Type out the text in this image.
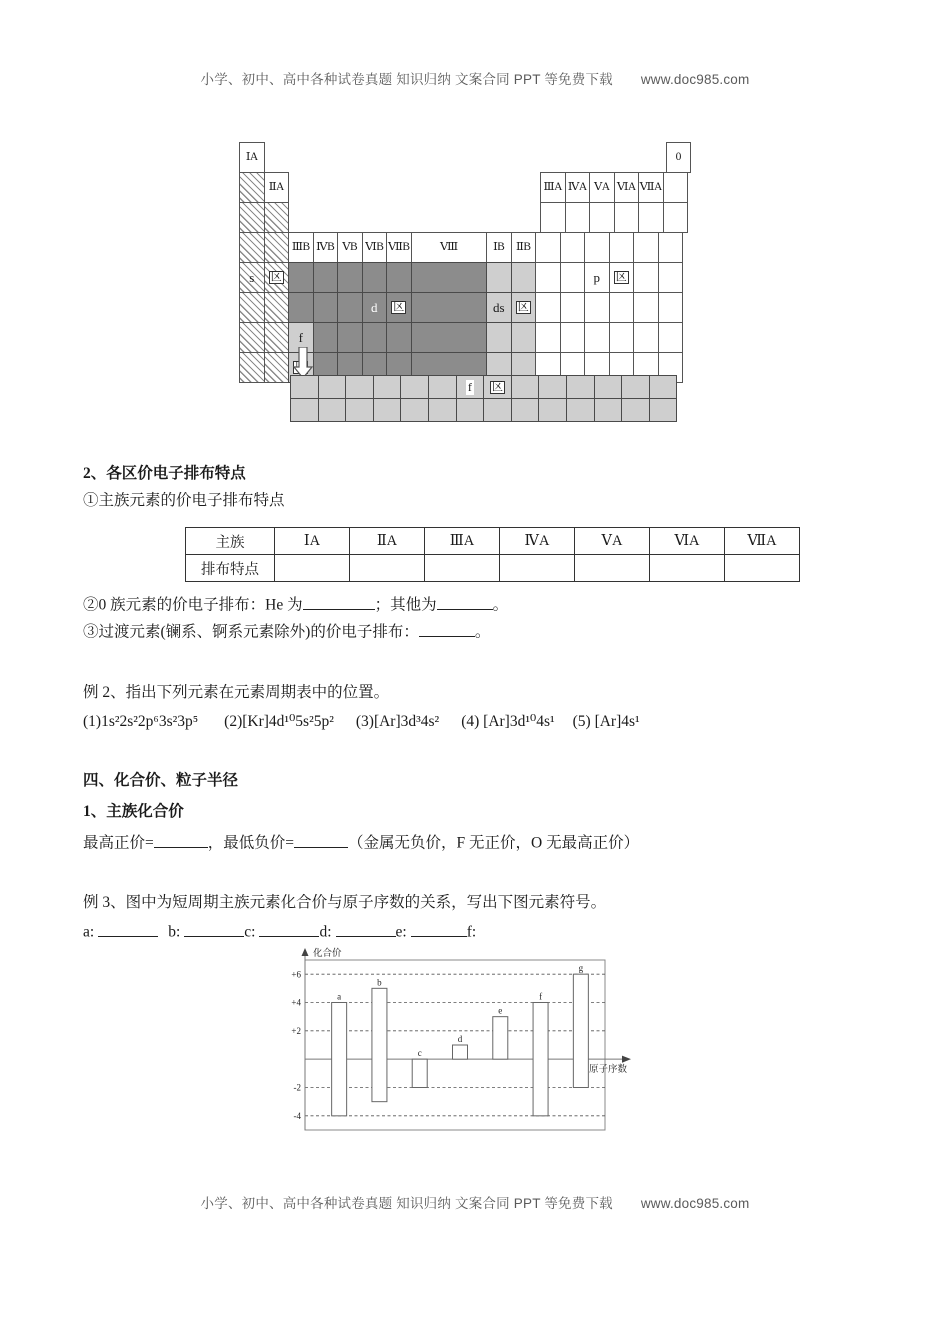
小学、初中、高中各种试卷真题 知识归纳 文案合同 PPT 等免费下载 www.doc985.com
ⅠA	0
ⅡA	ⅢA ⅣA ⅤA ⅥA ⅦA
ⅢB ⅣB ⅤB ⅥB ⅦB	Ⅷ	ⅠB	ⅡB
s 区	p 区
d 区	ds 区
f
f 区
2、各区价电子排布特点
①主族元素的价电子排布特点
主族	ⅠA	ⅡA	ⅢA	ⅣA	ⅤA	ⅥA	ⅦA
排布特点							
②0 族元素的价电子排布：He 为	；其他为	。
③过渡元素(镧系、锕系元素除外)的价电子排布：	。
例 2、指出下列元素在元素周期表中的位置。
(1)1s²2s²2p⁶3s²3p⁵ (2)[Kr]4d¹⁰5s²5p² (3)[Ar]3d³4s² (4) [Ar]3d¹⁰4s¹ (5) [Ar]4s¹
四、化合价、粒子半径
1、主族化合价
最高正价=	，最低负价=	（金属无负价，F 无正价，O 无最高正价）
例 3、图中为短周期主族元素化合价与原子序数的关系，写出下图元素符号。
a:	b:	c:	d:	e:	f:
+6
+4
+2
-2
-4
a
b
c
d
e
f
g
化合价
原子序数
小学、初中、高中各种试卷真题 知识归纳 文案合同 PPT 等免费下载 www.doc985.com
